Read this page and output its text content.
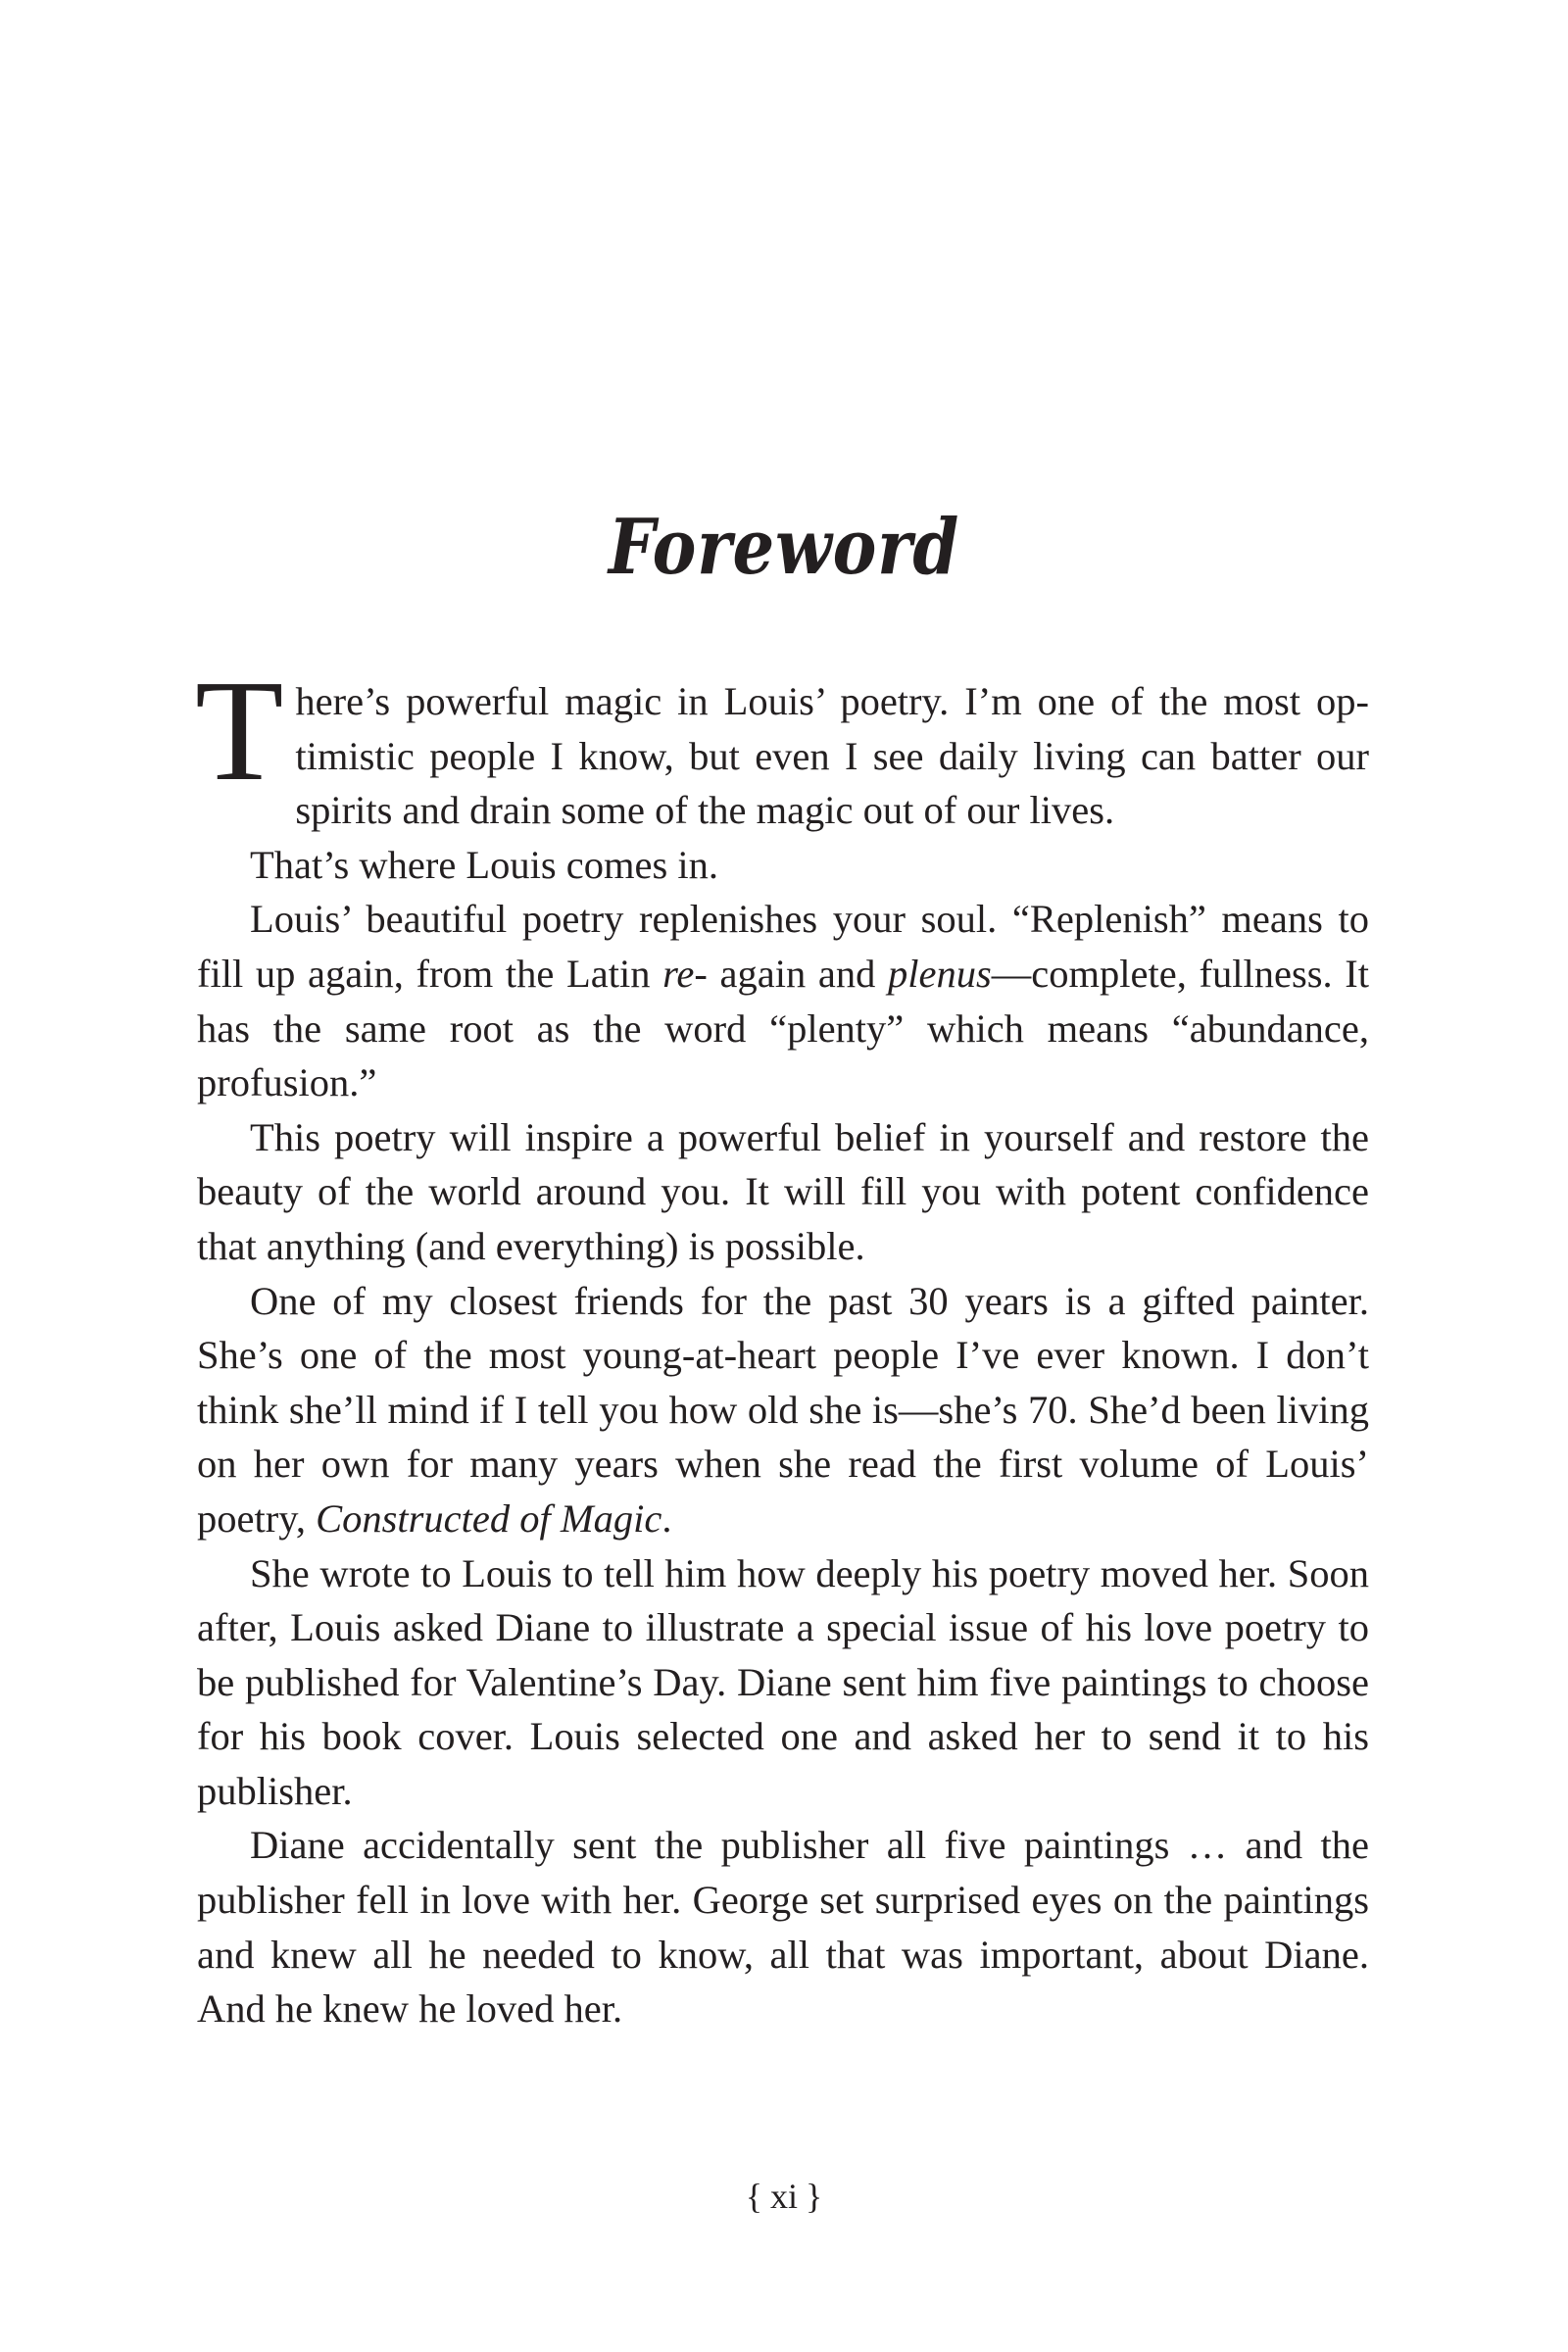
Foreword

There’s powerful magic in Louis’ poetry. I’m one of the most optimistic people I know, but even I see daily living can batter our spirits and drain some of the magic out of our lives.

That’s where Louis comes in.

Louis’ beautiful poetry replenishes your soul. “Replenish” means to fill up again, from the Latin re- again and plenus—complete, fullness. It has the same root as the word “plenty” which means “abundance, profusion.”

This poetry will inspire a powerful belief in yourself and restore the beauty of the world around you. It will fill you with potent confidence that anything (and everything) is possible.

One of my closest friends for the past 30 years is a gifted painter. She’s one of the most young-at-heart people I’ve ever known. I don’t think she’ll mind if I tell you how old she is—she’s 70. She’d been living on her own for many years when she read the first volume of Louis’ poetry, Constructed of Magic.

She wrote to Louis to tell him how deeply his poetry moved her. Soon after, Louis asked Diane to illustrate a special issue of his love poetry to be published for Valentine’s Day. Diane sent him five paintings to choose for his book cover. Louis selected one and asked her to send it to his publisher.

Diane accidentally sent the publisher all five paintings … and the publisher fell in love with her. George set surprised eyes on the paintings and knew all he needed to know, all that was important, about Diane. And he knew he loved her.

{ xi }
